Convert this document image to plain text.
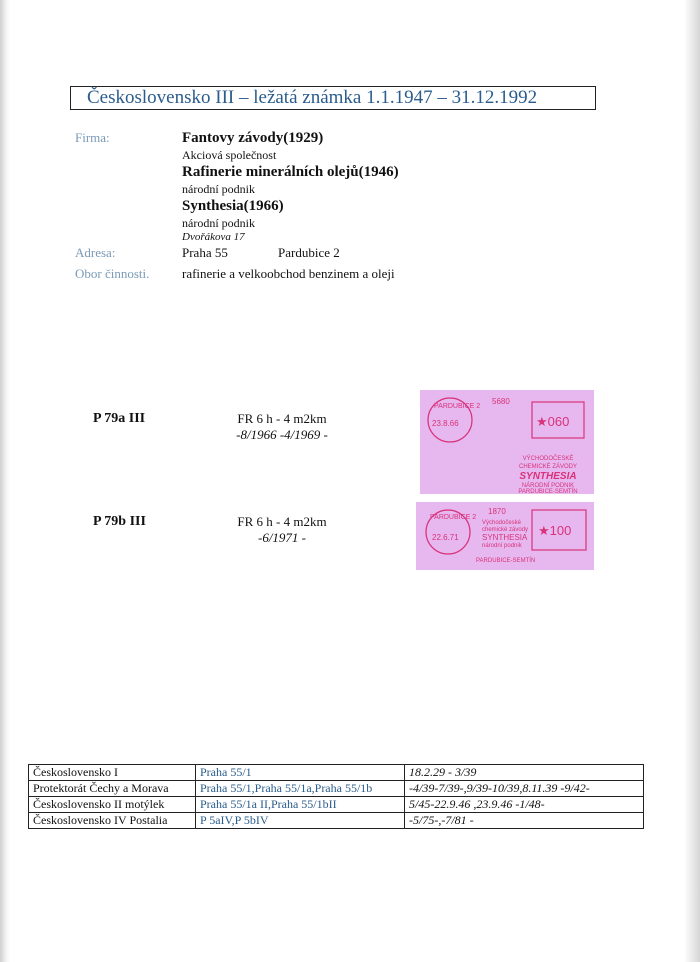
Československo III – ležatá známka 1.1.1947 – 31.12.1992
Firma:	Fantovy závody(1929)
Akciová společnost
Rafinerie minerálních olejů(1946)
národní podnik
Synthesia(1966)
národní podnik
Dvořákova 17
Adresa:	Praha 55	Pardubice 2
Obor činnosti.	rafinerie a velkoobchod benzinem a oleji
P 79a III	FR 6 h - 4 m2km
-8/1966 -4/1969 -
PARDUBICE 2
23.8.66
5680
★060
VÝCHODOČESKÉ
CHEMICKÉ ZÁVODY
SYNTHESIA
NÁRODNÍ PODNIK
PARDUBICE-SEMTÍN
P 79b III	FR 6 h - 4 m2km
-6/1971 -
PARDUBICE 2
22.6.71
1870
Východočeské
chemické závody
SYNTHESIA
národní podnik
PARDUBICE-SEMTÍN
★100
Československo I	Praha 55/1	18.2.29 - 3/39
Protektorát Čechy a Morava	Praha 55/1,Praha 55/1a,Praha 55/1b	-4/39-7/39-,9/39-10/39,8.11.39 -9/42-
Československo II motýlek	Praha 55/1a II,Praha 55/1bII	5/45-22.9.46 ,23.9.46 -1/48-
Československo IV Postalia	P 5aIV,P 5bIV	-5/75-,-7/81 -
